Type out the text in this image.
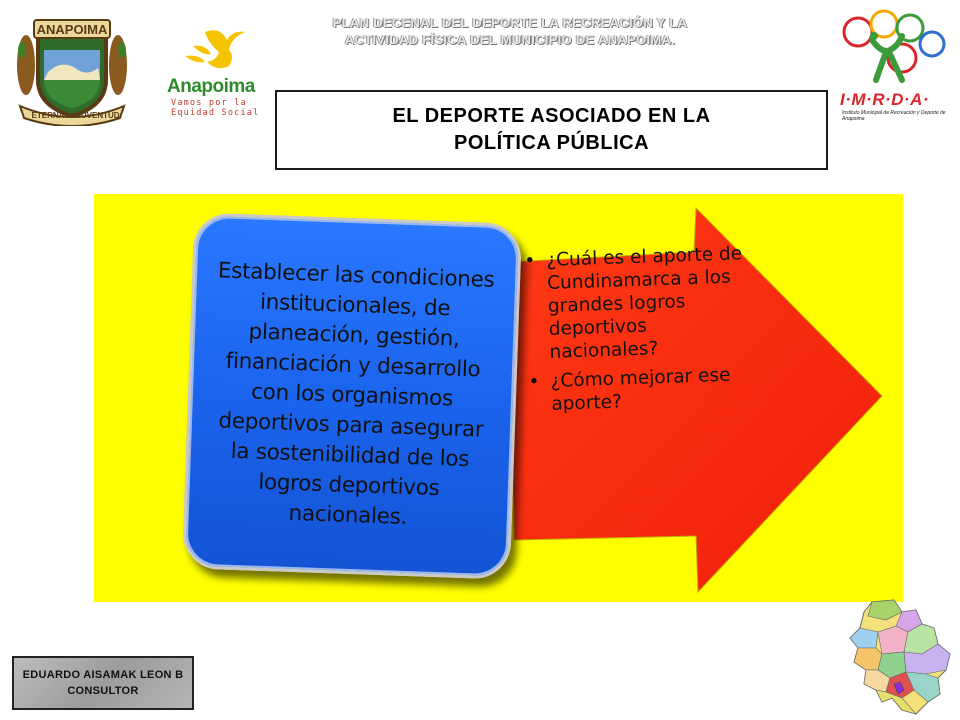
PLAN DECENAL DEL DEPORTE LA RECREACIÓN Y LA
ACTIVIDAD FÍSICA DEL MUNICIPIO DE ANAPOIMA.
ANAPOIMA
ETERNA JUVENTUD
Anapoima
Vamos por la
Equidad Social
I·M·R·D·A·
Instituto Municipal de Recreación y Deporte de Anapoima
EL DEPORTE ASOCIADO EN LA
POLÍTICA PÚBLICA
• ¿Cuál es el aporte de Cundinamarca a los grandes logros deportivos nacionales?
• ¿Cómo mejorar ese aporte?
Establecer las condiciones institucionales, de planeación, gestión, financiación y desarrollo con los organismos deportivos para asegurar la sostenibilidad de los logros deportivos nacionales.
EDUARDO AISAMAK LEON B
CONSULTOR
